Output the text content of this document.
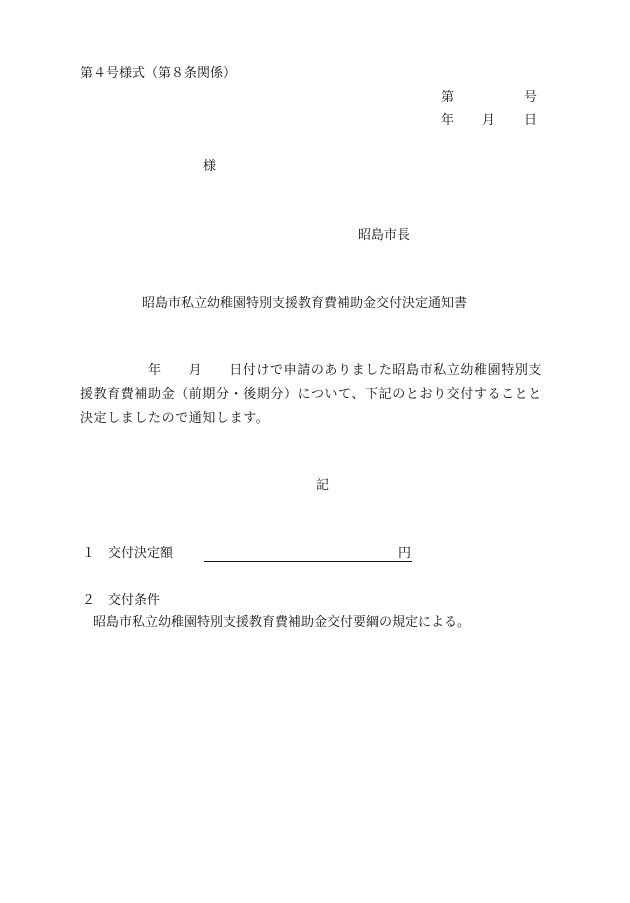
第４号様式（第８条関係）
第	号
年 月 日
様
昭島市長
昭島市私立幼稚園特別支援教育費補助金交付決定通知書
年 月 日付けで申請のありました昭島市私立幼稚園特別支援教育費補助金（前期分・後期分）について、下記のとおり交付することと決定しましたので通知します。
記
１ 交付決定額	円
２ 交付条件
昭島市私立幼稚園特別支援教育費補助金交付要綱の規定による。
